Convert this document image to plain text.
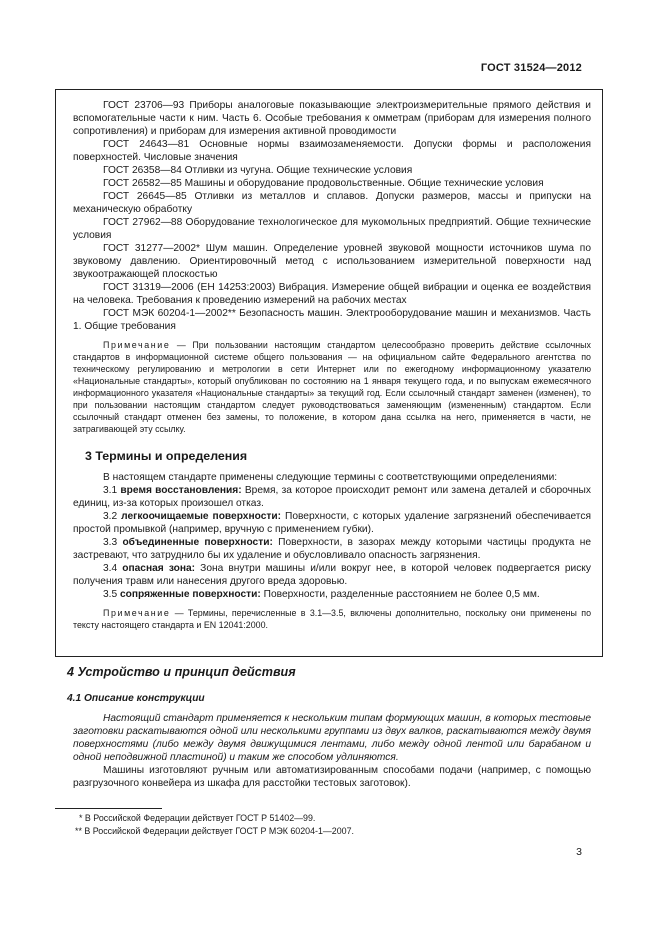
ГОСТ 31524—2012

ГОСТ 23706—93 Приборы аналоговые показывающие электроизмерительные прямого действия и вспомогательные части к ним. Часть 6. Особые требования к омметрам (приборам для измерения полного сопротивления) и приборам для измерения активной проводимости

ГОСТ 24643—81 Основные нормы взаимозаменяемости. Допуски формы и расположения поверхностей. Числовые значения

ГОСТ 26358—84 Отливки из чугуна. Общие технические условия

ГОСТ 26582—85 Машины и оборудование продовольственные. Общие технические условия

ГОСТ 26645—85 Отливки из металлов и сплавов. Допуски размеров, массы и припуски на механическую обработку

ГОСТ 27962—88 Оборудование технологическое для мукомольных предприятий. Общие технические условия

ГОСТ 31277—2002* Шум машин. Определение уровней звуковой мощности источников шума по звуковому давлению. Ориентировочный метод с использованием измерительной поверхности над звукоотражающей плоскостью

ГОСТ 31319—2006 (ЕН 14253:2003) Вибрация. Измерение общей вибрации и оценка ее воздействия на человека. Требования к проведению измерений на рабочих местах

ГОСТ МЭК 60204-1—2002** Безопасность машин. Электрооборудование машин и механизмов. Часть 1. Общие требования

Примечание — При пользовании настоящим стандартом целесообразно проверить действие ссылочных стандартов в информационной системе общего пользования — на официальном сайте Федерального агентства по техническому регулированию и метрологии в сети Интернет или по ежегодному информационному указателю «Национальные стандарты», который опубликован по состоянию на 1 января текущего года, и по выпускам ежемесячного информационного указателя «Национальные стандарты» за текущий год. Если ссылочный стандарт заменен (изменен), то при пользовании настоящим стандартом следует руководствоваться заменяющим (измененным) стандартом. Если ссылочный стандарт отменен без замены, то положение, в котором дана ссылка на него, применяется в части, не затрагивающей эту ссылку.

3 Термины и определения

В настоящем стандарте применены следующие термины с соответствующими определениями:

3.1 время восстановления: Время, за которое происходит ремонт или замена деталей и сборочных единиц, из-за которых произошел отказ.

3.2 легкоочищаемые поверхности: Поверхности, с которых удаление загрязнений обеспечивается простой промывкой (например, вручную с применением губки).

3.3 объединенные поверхности: Поверхности, в зазорах между которыми частицы продукта не застревают, что затруднило бы их удаление и обусловливало опасность загрязнения.

3.4 опасная зона: Зона внутри машины и/или вокруг нее, в которой человек подвергается риску получения травм или нанесения другого вреда здоровью.

3.5 сопряженные поверхности: Поверхности, разделенные расстоянием не более 0,5 мм.

Примечание — Термины, перечисленные в 3.1—3.5, включены дополнительно, поскольку они применены по тексту настоящего стандарта и EN 12041:2000.

4 Устройство и принцип действия
4.1 Описание конструкции

Настоящий стандарт применяется к нескольким типам формующих машин, в которых тестовые заготовки раскатываются одной или несколькими группами из двух валков, раскатываются между двумя поверхностями (либо между двумя движущимися лентами, либо между одной лентой или барабаном и одной неподвижной пластиной) и таким же способом удлиняются.

Машины изготовляют ручным или автоматизированным способами подачи (например, с помощью разгрузочного конвейера из шкафа для расстойки тестовых заготовок).

* В Российской Федерации действует ГОСТ Р 51402—99.
** В Российской Федерации действует ГОСТ Р МЭК 60204-1—2007.
3
